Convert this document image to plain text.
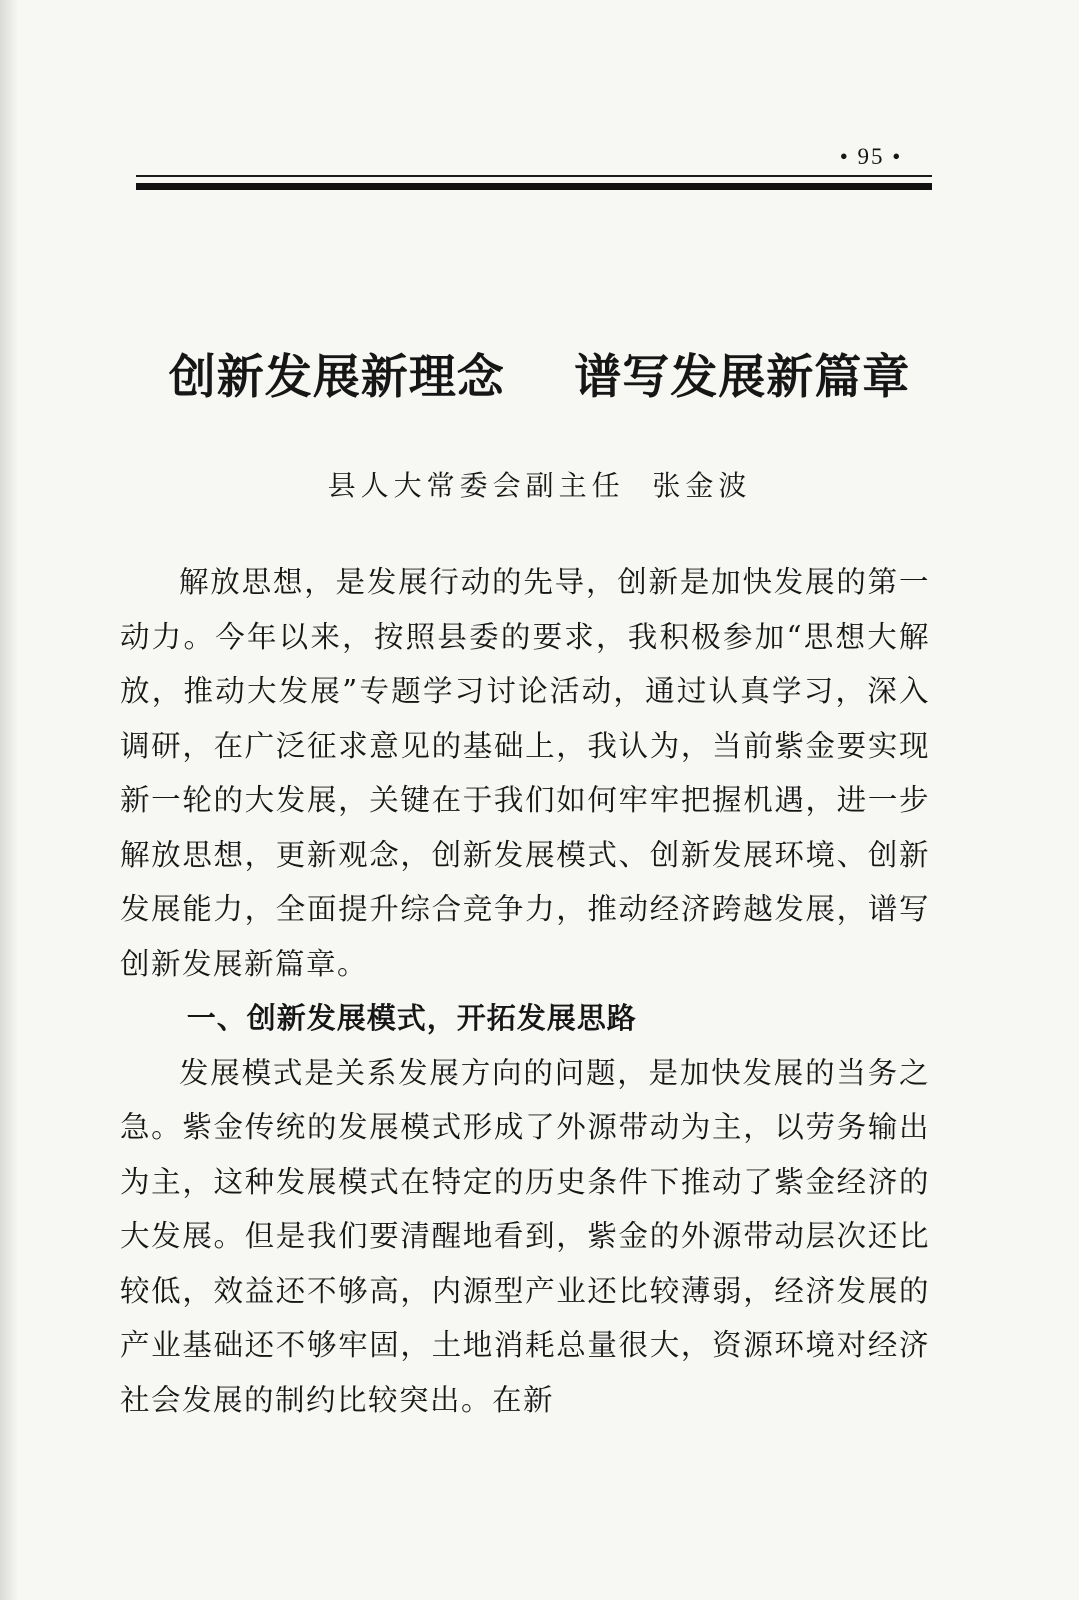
• 95 •
创新发展新理念    谱写发展新篇章
县人大常委会副主任  张金波

解放思想，是发展行动的先导，创新是加快发展的第一动力。今年以来，按照县委的要求，我积极参加“思想大解放，推动大发展”专题学习讨论活动，通过认真学习，深入调研，在广泛征求意见的基础上，我认为，当前紫金要实现新一轮的大发展，关键在于我们如何牢牢把握机遇，进一步解放思想，更新观念，创新发展模式、创新发展环境、创新发展能力，全面提升综合竞争力，推动经济跨越发展，谱写创新发展新篇章。

一、创新发展模式，开拓发展思路

发展模式是关系发展方向的问题，是加快发展的当务之急。紫金传统的发展模式形成了外源带动为主，以劳务输出为主，这种发展模式在特定的历史条件下推动了紫金经济的大发展。但是我们要清醒地看到，紫金的外源带动层次还比较低，效益还不够高，内源型产业还比较薄弱，经济发展的产业基础还不够牢固，土地消耗总量很大，资源环境对经济社会发展的制约比较突出。在新
